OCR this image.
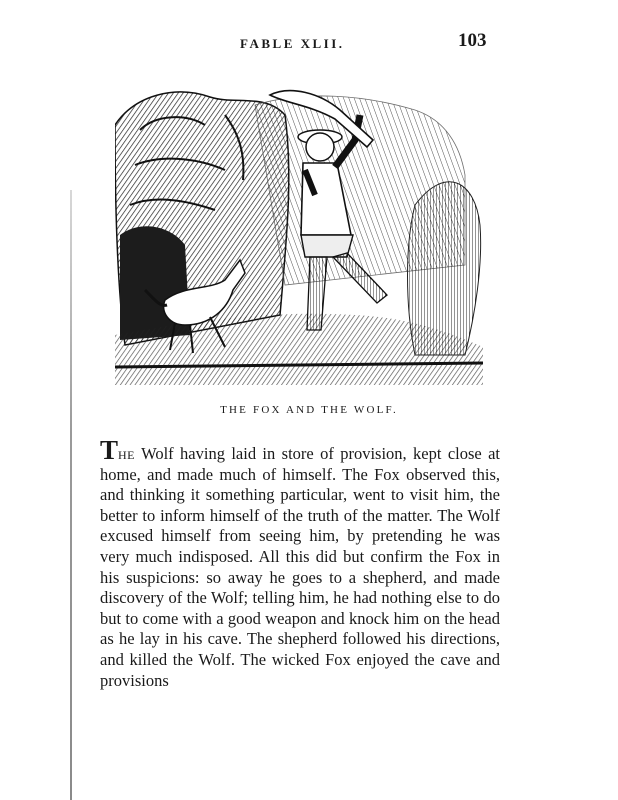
FABLE XLII.	103
THE FOX AND THE WOLF.

The Wolf having laid in store of provision, kept close at home, and made much of himself. The Fox observed this, and thinking it something particular, went to visit him, the better to inform himself of the truth of the matter. The Wolf excused himself from seeing him, by pretending he was very much indisposed. All this did but confirm the Fox in his suspicions: so away he goes to a shepherd, and made discovery of the Wolf; telling him, he had nothing else to do but to come with a good weapon and knock him on the head as he lay in his cave. The shepherd followed his directions, and killed the Wolf. The wicked Fox enjoyed the cave and provisions
